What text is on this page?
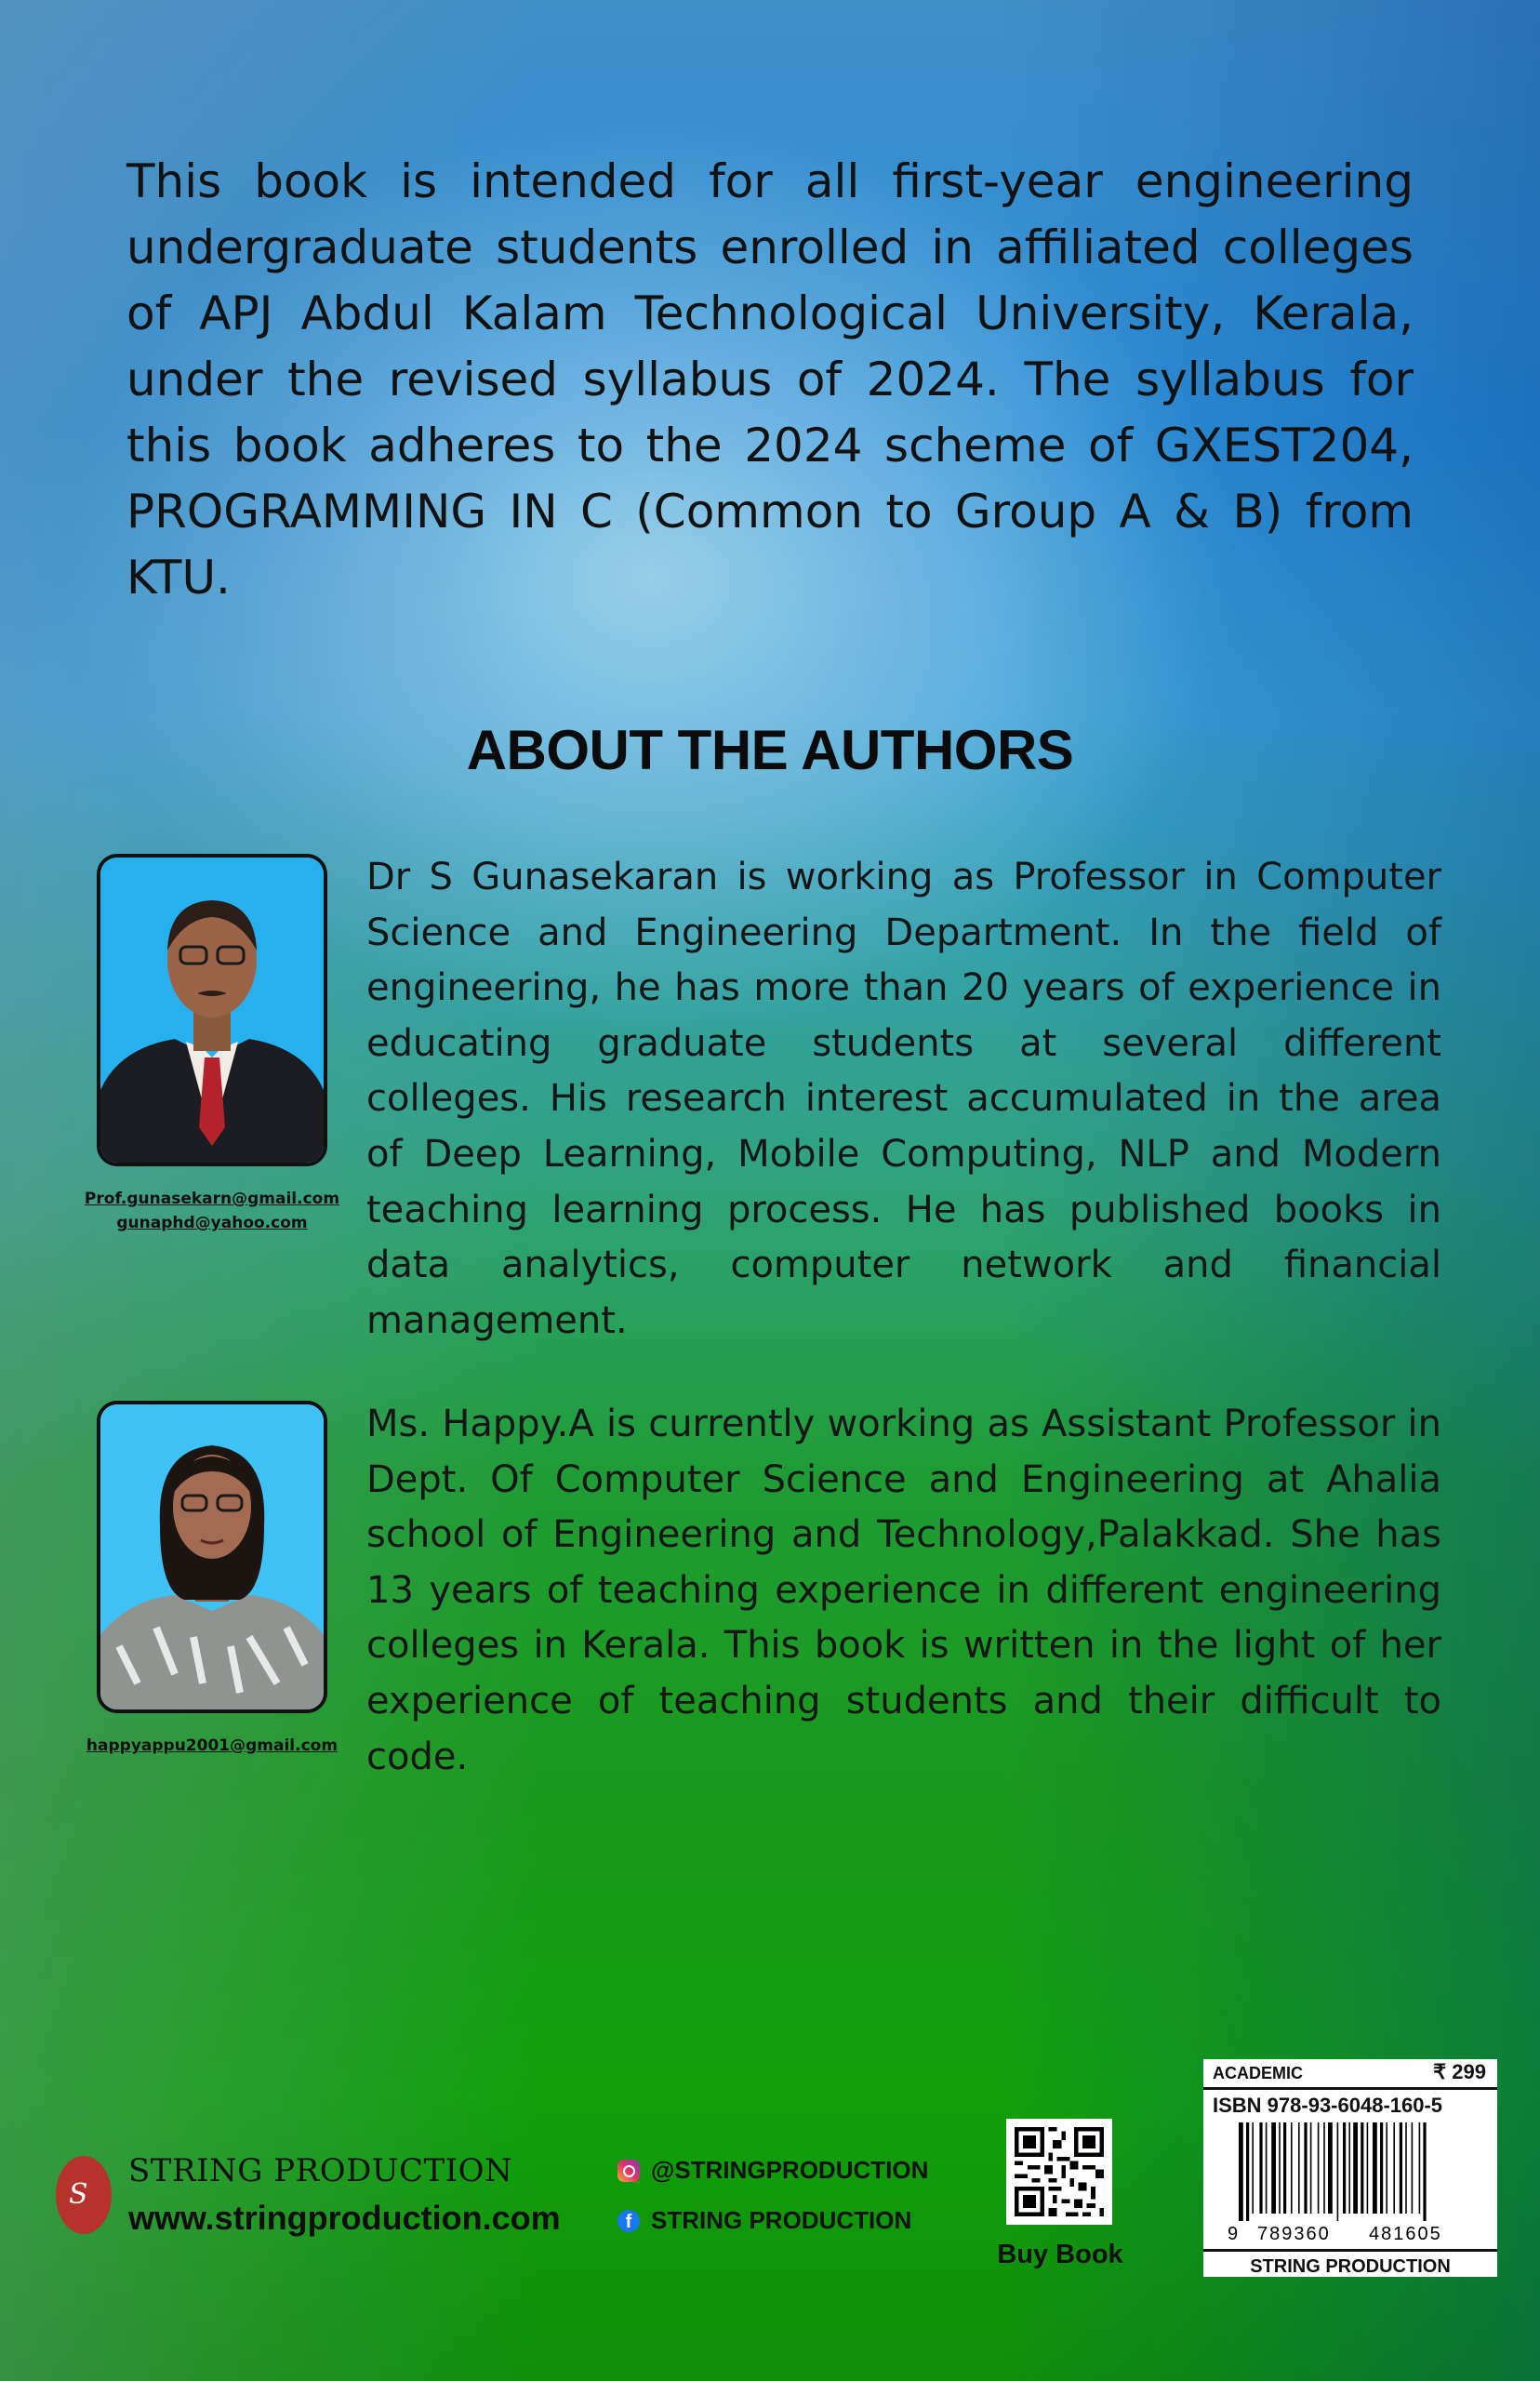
This book is intended for all first-year engineering undergraduate students enrolled in affiliated colleges of APJ Abdul Kalam Technological University, Kerala, under the revised syllabus of 2024. The syllabus for this book adheres to the 2024 scheme of GXEST204, PROGRAMMING IN C (Common to Group A & B) from KTU.
ABOUT THE AUTHORS
Prof.gunasekarn@gmail.com
gunaphd@yahoo.com
Dr S Gunasekaran is working as Professor in Computer Science and Engineering Department. In the field of engineering, he has more than 20 years of experience in educating graduate students at several different colleges. His research interest accumulated in the area of Deep Learning, Mobile Computing, NLP and Modern teaching learning process. He has published books in data analytics, computer network and financial management.
happyappu2001@gmail.com
Ms. Happy.A is currently working as Assistant Professor in Dept. Of Computer Science and Engineering at Ahalia school of Engineering and Technology,Palakkad. She has 13 years of teaching experience in different engineering colleges in Kerala. This book is written in the light of her experience of teaching students and their difficult to code.
S
STRING PRODUCTION
www.stringproduction.com
@STRINGPRODUCTION
f STRING PRODUCTION
Buy Book
ACADEMIC	₹ 299
ISBN 978-93-6048-160-5
9 789360 481605
STRING PRODUCTION
